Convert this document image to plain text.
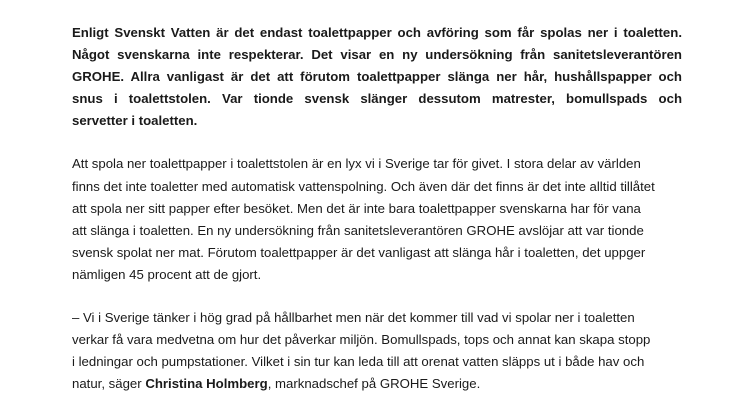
Enligt Svenskt Vatten är det endast toalettpapper och avföring som får spolas ner i toaletten.
Något svenskarna inte respekterar. Det visar en ny undersökning från sanitetsleverantören
GROHE. Allra vanligast är det att förutom toalettpapper slänga ner hår, hushållspapper och
snus i toalettstolen. Var tionde svensk slänger dessutom matrester, bomullspads och
servetter i toaletten.

Att spola ner toalettpapper i toalettstolen är en lyx vi i Sverige tar för givet. I stora delar av världen
finns det inte toaletter med automatisk vattenspolning. Och även där det finns är det inte alltid tillåtet
att spola ner sitt papper efter besöket. Men det är inte bara toalettpapper svenskarna har för vana
att slänga i toaletten. En ny undersökning från sanitetsleverantören GROHE avslöjar att var tionde
svensk spolat ner mat. Förutom toalettpapper är det vanligast att slänga hår i toaletten, det uppger
nämligen 45 procent att de gjort.

– Vi i Sverige tänker i hög grad på hållbarhet men när det kommer till vad vi spolar ner i toaletten
verkar få vara medvetna om hur det påverkar miljön. Bomullspads, tops och annat kan skapa stopp
i ledningar och pumpstationer. Vilket i sin tur kan leda till att orenat vatten släpps ut i både hav och
natur, säger Christina Holmberg, marknadschef på GROHE Sverige.
